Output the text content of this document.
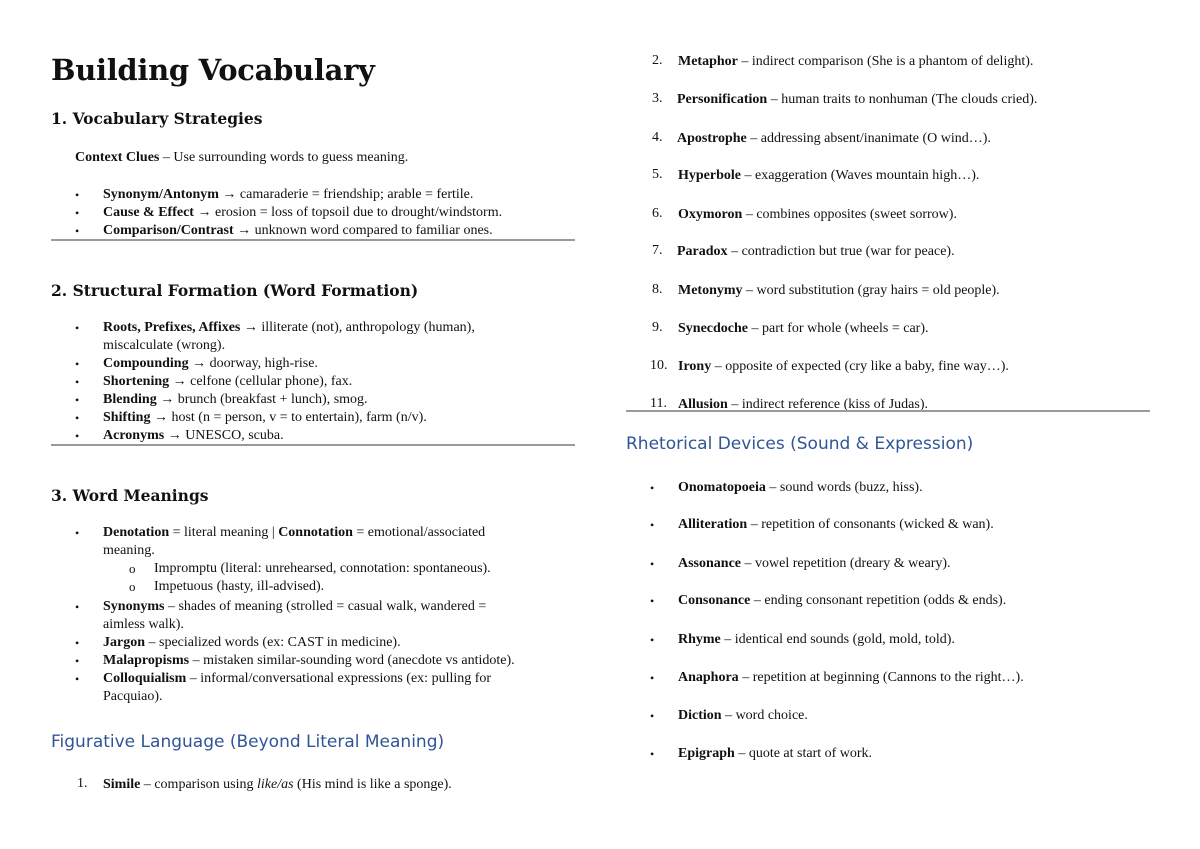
Building Vocabulary
1. Vocabulary Strategies
Context Clues – Use surrounding words to guess meaning.
• Synonym/Antonym → camaraderie = friendship; arable = fertile.
• Cause & Effect → erosion = loss of topsoil due to drought/windstorm.
• Comparison/Contrast → unknown word compared to familiar ones.
2. Structural Formation (Word Formation)
• Roots, Prefixes, Affixes → illiterate (not), anthropology (human),
miscalculate (wrong).
• Compounding → doorway, high-rise.
• Shortening → celfone (cellular phone), fax.
• Blending → brunch (breakfast + lunch), smog.
• Shifting → host (n = person, v = to entertain), farm (n/v).
• Acronyms → UNESCO, scuba.
3. Word Meanings
• Denotation = literal meaning | Connotation = emotional/associated
meaning.
o Impromptu (literal: unrehearsed, connotation: spontaneous).
o Impetuous (hasty, ill-advised).
• Synonyms – shades of meaning (strolled = casual walk, wandered =
aimless walk).
• Jargon – specialized words (ex: CAST in medicine).
• Malapropisms – mistaken similar-sounding word (anecdote vs antidote).
• Colloquialism – informal/conversational expressions (ex: pulling for
Pacquiao).
Figurative Language (Beyond Literal Meaning)
1. Simile – comparison using like/as (His mind is like a sponge).
2. Metaphor – indirect comparison (She is a phantom of delight).
3. Personification – human traits to nonhuman (The clouds cried).
4. Apostrophe – addressing absent/inanimate (O wind…).
5. Hyperbole – exaggeration (Waves mountain high…).
6. Oxymoron – combines opposites (sweet sorrow).
7. Paradox – contradiction but true (war for peace).
8. Metonymy – word substitution (gray hairs = old people).
9. Synecdoche – part for whole (wheels = car).
10. Irony – opposite of expected (cry like a baby, fine way…).
11. Allusion – indirect reference (kiss of Judas).
Rhetorical Devices (Sound & Expression)
• Onomatopoeia – sound words (buzz, hiss).
• Alliteration – repetition of consonants (wicked & wan).
• Assonance – vowel repetition (dreary & weary).
• Consonance – ending consonant repetition (odds & ends).
• Rhyme – identical end sounds (gold, mold, told).
• Anaphora – repetition at beginning (Cannons to the right…).
• Diction – word choice.
• Epigraph – quote at start of work.
